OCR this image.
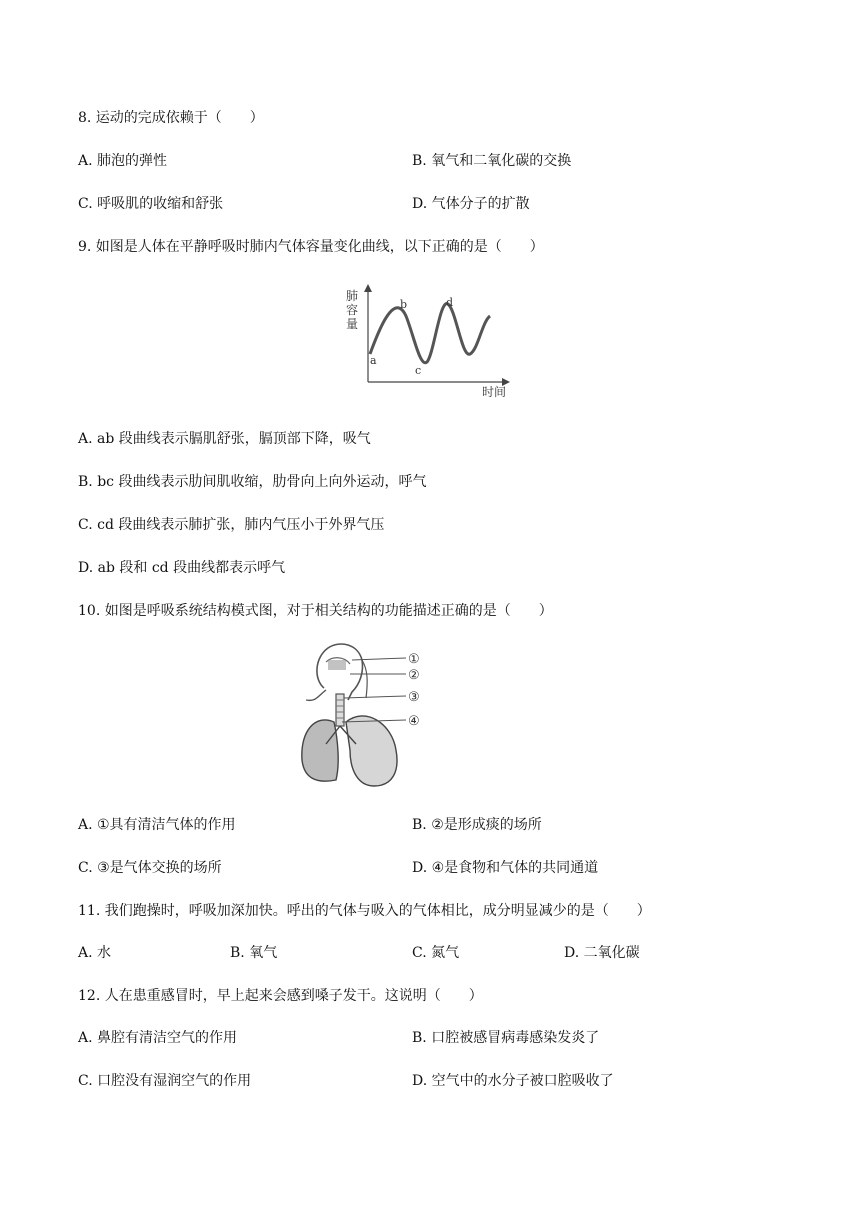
8. 运动的完成依赖于（　　）
A. 肺泡的弹性	B. 氧气和二氧化碳的交换
C. 呼吸肌的收缩和舒张	D. 气体分子的扩散
9. 如图是人体在平静呼吸时肺内气体容量变化曲线，以下正确的是（　　）
肺
容
量
时间
a
b
c
d
A. ab 段曲线表示膈肌舒张，膈顶部下降，吸气
B. bc 段曲线表示肋间肌收缩，肋骨向上向外运动，呼气
C. cd 段曲线表示肺扩张，肺内气压小于外界气压
D. ab 段和 cd 段曲线都表示呼气
10. 如图是呼吸系统结构模式图，对于相关结构的功能描述正确的是（　　）
①
②
③
④
A. ①具有清洁气体的作用	B. ②是形成痰的场所
C. ③是气体交换的场所	D. ④是食物和气体的共同通道
11. 我们跑操时，呼吸加深加快。呼出的气体与吸入的气体相比，成分明显减少的是（　　）
A. 水	B. 氧气	C. 氮气	D. 二氧化碳
12. 人在患重感冒时，早上起来会感到嗓子发干。这说明（　　）
A. 鼻腔有清洁空气的作用	B. 口腔被感冒病毒感染发炎了
C. 口腔没有湿润空气的作用	D. 空气中的水分子被口腔吸收了
